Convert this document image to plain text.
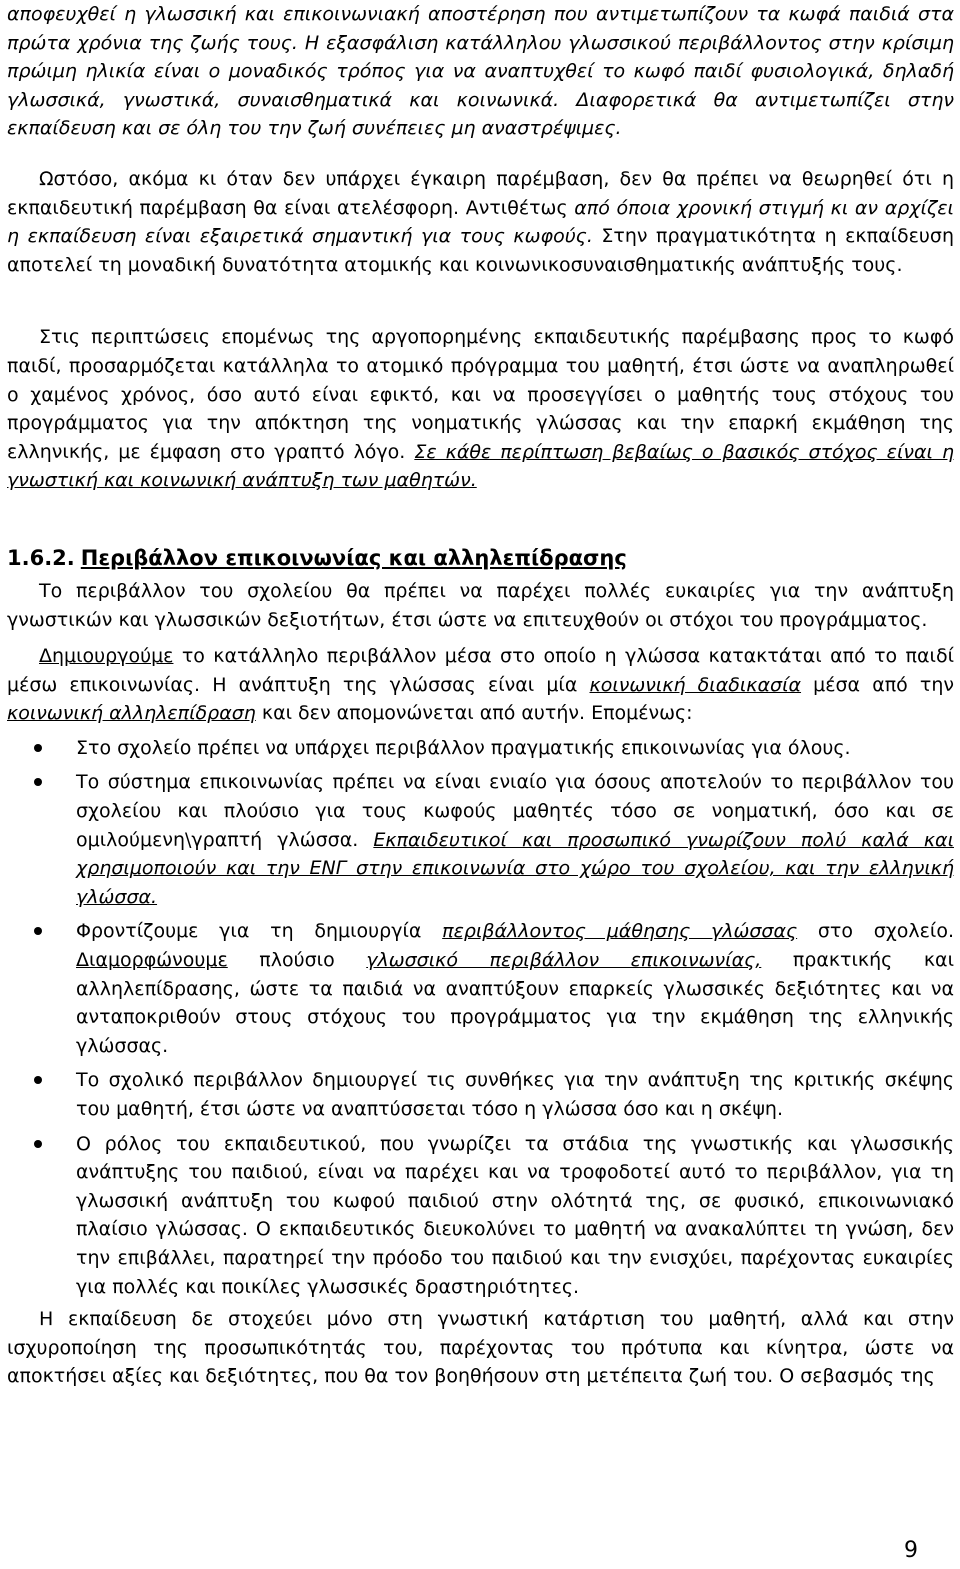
αποφευχθεί η γλωσσική και επικοινωνιακή αποστέρηση που αντιμετωπίζουν τα κωφά παιδιά στα πρώτα χρόνια της ζωής τους. Η εξασφάλιση κατάλληλου γλωσσικού περιβάλλοντος στην κρίσιμη πρώιμη ηλικία είναι ο μοναδικός τρόπος για να αναπτυχθεί το κωφό παιδί φυσιολογικά, δηλαδή γλωσσικά, γνωστικά, συναισθηματικά και κοινωνικά. Διαφορετικά θα αντιμετωπίζει στην εκπαίδευση και σε όλη του την ζωή συνέπειες μη αναστρέψιμες.

Ωστόσο, ακόμα κι όταν δεν υπάρχει έγκαιρη παρέμβαση, δεν θα πρέπει να θεωρηθεί ότι η εκπαιδευτική παρέμβαση θα είναι ατελέσφορη. Αντιθέτως από όποια χρονική στιγμή κι αν αρχίζει η εκπαίδευση είναι εξαιρετικά σημαντική για τους κωφούς. Στην πραγματικότητα η εκπαίδευση αποτελεί τη μοναδική δυνατότητα ατομικής και κοινωνικοσυναισθηματικής ανάπτυξής τους.

Στις περιπτώσεις επομένως της αργοπορημένης εκπαιδευτικής παρέμβασης προς το κωφό παιδί, προσαρμόζεται κατάλληλα το ατομικό πρόγραμμα του μαθητή, έτσι ώστε να αναπληρωθεί ο χαμένος χρόνος, όσο αυτό είναι εφικτό, και να προσεγγίσει ο μαθητής τους στόχους του προγράμματος για την απόκτηση της νοηματικής γλώσσας και την επαρκή εκμάθηση της ελληνικής, με έμφαση στο γραπτό λόγο. Σε κάθε περίπτωση βεβαίως ο βασικός στόχος είναι η γνωστική και κοινωνική ανάπτυξη των μαθητών.

1.6.2. Περιβάλλον επικοινωνίας και αλληλεπίδρασης

Το περιβάλλον του σχολείου θα πρέπει να παρέχει πολλές ευκαιρίες για την ανάπτυξη γνωστικών και γλωσσικών δεξιοτήτων, έτσι ώστε να επιτευχθούν οι στόχοι του προγράμματος.

Δημιουργούμε το κατάλληλο περιβάλλον μέσα στο οποίο η γλώσσα κατακτάται από το παιδί μέσω επικοινωνίας. Η ανάπτυξη της γλώσσας είναι μία κοινωνική διαδικασία μέσα από την κοινωνική αλληλεπίδραση και δεν απομονώνεται από αυτήν. Επομένως:

Στο σχολείο πρέπει να υπάρχει περιβάλλον πραγματικής επικοινωνίας για όλους.
Το σύστημα επικοινωνίας πρέπει να είναι ενιαίο για όσους αποτελούν το περιβάλλον του σχολείου και πλούσιο για τους κωφούς μαθητές τόσο σε νοηματική, όσο και σε ομιλούμενη\γραπτή γλώσσα. Εκπαιδευτικοί και προσωπικό γνωρίζουν πολύ καλά και χρησιμοποιούν και την ΕΝΓ στην επικοινωνία στο χώρο του σχολείου, και την ελληνική γλώσσα.
Φροντίζουμε για τη δημιουργία περιβάλλοντος μάθησης γλώσσας στο σχολείο. Διαμορφώνουμε πλούσιο γλωσσικό περιβάλλον επικοινωνίας, πρακτικής και αλληλεπίδρασης, ώστε τα παιδιά να αναπτύξουν επαρκείς γλωσσικές δεξιότητες και να ανταποκριθούν στους στόχους του προγράμματος για την εκμάθηση της ελληνικής γλώσσας.
Το σχολικό περιβάλλον δημιουργεί τις συνθήκες για την ανάπτυξη της κριτικής σκέψης του μαθητή, έτσι ώστε να αναπτύσσεται τόσο η γλώσσα όσο και η σκέψη.
Ο ρόλος του εκπαιδευτικού, που γνωρίζει τα στάδια της γνωστικής και γλωσσικής ανάπτυξης του παιδιού, είναι να παρέχει και να τροφοδοτεί αυτό το περιβάλλον, για τη γλωσσική ανάπτυξη του κωφού παιδιού στην ολότητά της, σε φυσικό, επικοινωνιακό πλαίσιο γλώσσας. Ο εκπαιδευτικός διευκολύνει το μαθητή να ανακαλύπτει τη γνώση, δεν την επιβάλλει, παρατηρεί την πρόοδο του παιδιού και την ενισχύει, παρέχοντας ευκαιρίες για πολλές και ποικίλες γλωσσικές δραστηριότητες.

Η εκπαίδευση δε στοχεύει μόνο στη γνωστική κατάρτιση του μαθητή, αλλά και στην ισχυροποίηση της προσωπικότητάς του, παρέχοντας του πρότυπα και κίνητρα, ώστε να αποκτήσει αξίες και δεξιότητες, που θα τον βοηθήσουν στη μετέπειτα ζωή του. Ο σεβασμός της

9
